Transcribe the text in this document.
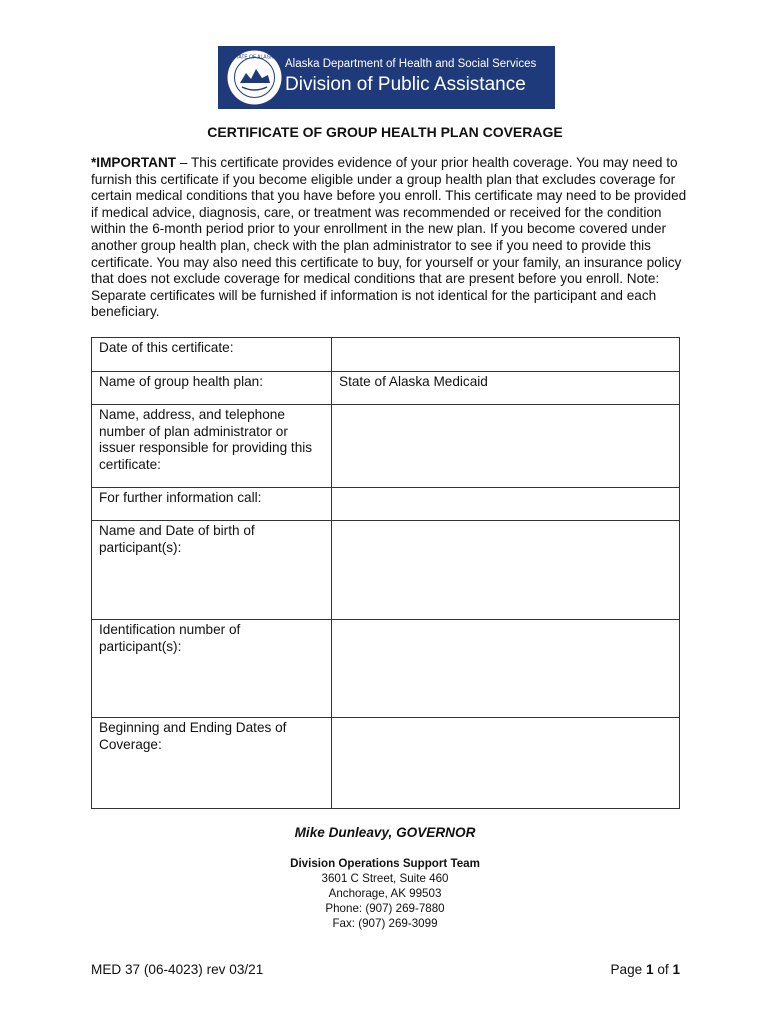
STATE OF ALASKA
Alaska Department of Health and Social Services
Division of Public Assistance
CERTIFICATE OF GROUP HEALTH PLAN COVERAGE
*IMPORTANT – This certificate provides evidence of your prior health coverage. You may need to furnish this certificate if you become eligible under a group health plan that excludes coverage for certain medical conditions that you have before you enroll. This certificate may need to be provided if medical advice, diagnosis, care, or treatment was recommended or received for the condition within the 6-month period prior to your enrollment in the new plan. If you become covered under another group health plan, check with the plan administrator to see if you need to provide this certificate. You may also need this certificate to buy, for yourself or your family, an insurance policy that does not exclude coverage for medical conditions that are present before you enroll. Note: Separate certificates will be furnished if information is not identical for the participant and each beneficiary.
Date of this certificate:	
Name of group health plan:	State of Alaska Medicaid
Name, address, and telephone number of plan administrator or issuer responsible for providing this certificate:	
For further information call:	
Name and Date of birth of participant(s):	
Identification number of participant(s):	
Beginning and Ending Dates of Coverage:	
Mike Dunleavy, GOVERNOR
Division Operations Support Team
3601 C Street, Suite 460
Anchorage, AK 99503
Phone: (907) 269-7880
Fax: (907) 269-3099
MED 37 (06-4023) rev 03/21	Page 1 of 1
